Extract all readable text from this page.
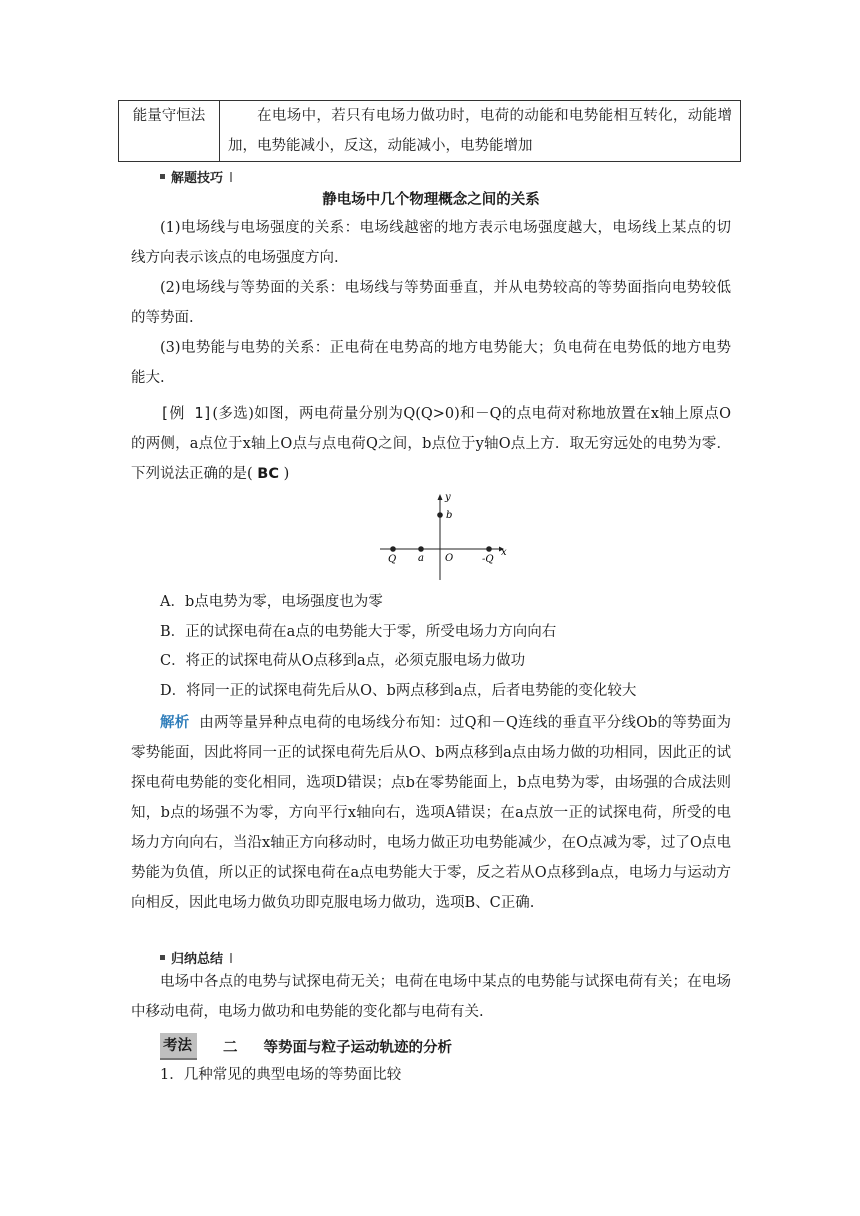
能量守恒法	在电场中，若只有电场力做功时，电荷的动能和电势能相互转化，动能增加，电势能减小，反这，动能减小，电势能增加
解题技巧
静电场中几个物理概念之间的关系
(1)电场线与电场强度的关系：电场线越密的地方表示电场强度越大，电场线上某点的切线方向表示该点的电场强度方向.
(2)电场线与等势面的关系：电场线与等势面垂直，并从电势较高的等势面指向电势较低的等势面.
(3)电势能与电势的关系：正电荷在电势高的地方电势能大；负电荷在电势低的地方电势能大.
[例 1](多选)如图，两电荷量分别为Q(Q>0)和－Q的点电荷对称地放置在x轴上原点O的两侧，a点位于x轴上O点与点电荷Q之间，b点位于y轴O点上方．取无穷远处的电势为零．下列说法正确的是( BC )
y
x
b
Q a O	-Q
A．b点电势为零，电场强度也为零
B．正的试探电荷在a点的电势能大于零，所受电场力方向向右
C．将正的试探电荷从O点移到a点，必须克服电场力做功
D．将同一正的试探电荷先后从O、b两点移到a点，后者电势能的变化较大
解析 由两等量异种点电荷的电场线分布知：过Q和－Q连线的垂直平分线Ob的等势面为零势能面，因此将同一正的试探电荷先后从O、b两点移到a点由场力做的功相同，因此正的试探电荷电势能的变化相同，选项D错误；点b在零势能面上，b点电势为零，由场强的合成法则知，b点的场强不为零，方向平行x轴向右，选项A错误；在a点放一正的试探电荷，所受的电场力方向向右，当沿x轴正方向移动时，电场力做正功电势能减少，在O点减为零，过了O点电势能为负值，所以正的试探电荷在a点电势能大于零，反之若从O点移到a点，电场力与运动方向相反，因此电场力做负功即克服电场力做功，选项B、C正确.
归纳总结
电场中各点的电势与试探电荷无关；电荷在电场中某点的电势能与试探电荷有关；在电场中移动电荷，电场力做功和电势能的变化都与电荷有关.
考法	二 等势面与粒子运动轨迹的分析
1．几种常见的典型电场的等势面比较
